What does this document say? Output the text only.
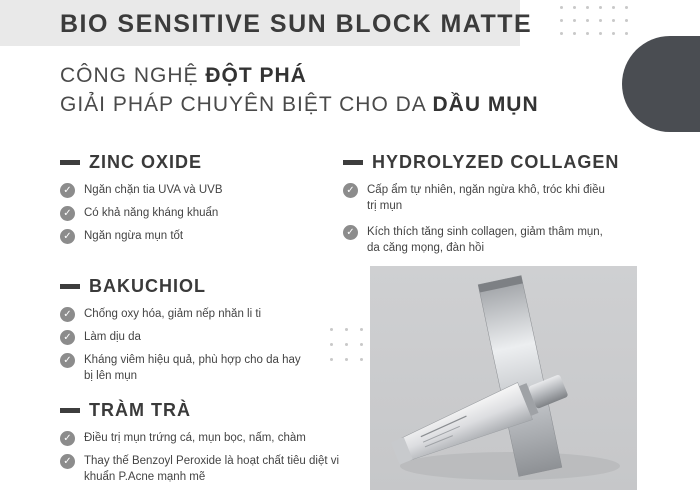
BIO SENSITIVE SUN BLOCK MATTE
CÔNG NGHỆ ĐỘT PHÁ
GIẢI PHÁP CHUYÊN BIỆT CHO DA DẦU MỤN
ZINC OXIDE
✓ Ngăn chặn tia UVA và UVB
✓ Có khả năng kháng khuẩn
✓ Ngăn ngừa mụn tốt
HYDROLYZED COLLAGEN
✓ Cấp ẩm tự nhiên, ngăn ngừa khô, tróc khi điều trị mụn
✓ Kích thích tăng sinh collagen, giảm thâm mụn, da căng mọng, đàn hồi
BAKUCHIOL
✓ Chống oxy hóa, giảm nếp nhăn li ti
✓ Làm dịu da
✓ Kháng viêm hiệu quả, phù hợp cho da hay bị lên mụn
TRÀM TRÀ
✓ Điều trị mụn trứng cá, mụn bọc, nấm, chàm
✓ Thay thế Benzoyl Peroxide là hoạt chất tiêu diệt vi khuẩn P.Acne mạnh mẽ
